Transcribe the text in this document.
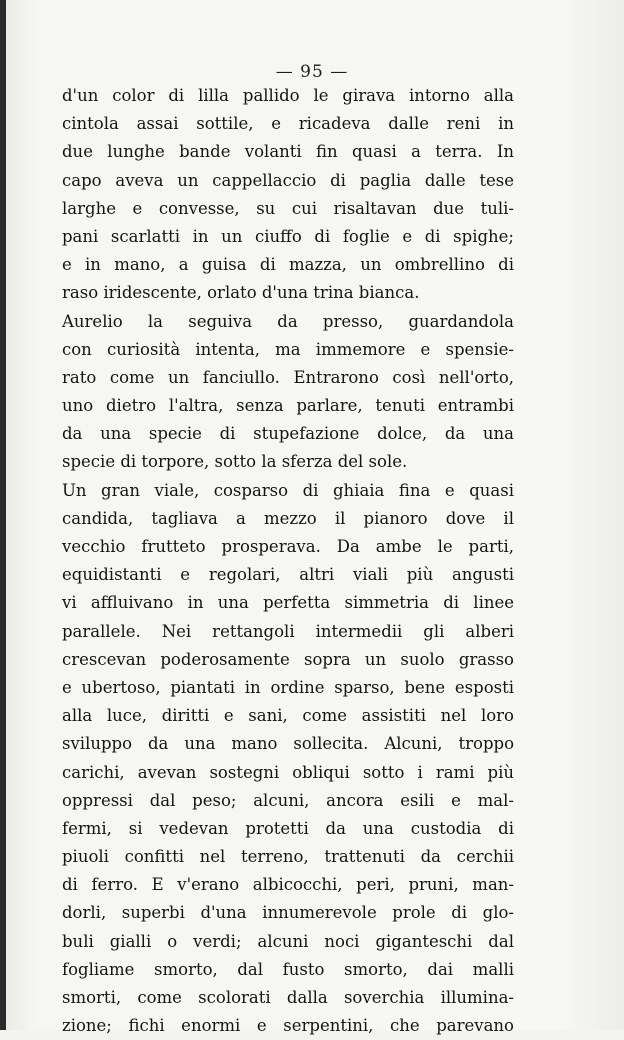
— 95 —
d'un color di lilla pallido le girava intorno alla
cintola assai sottile, e ricadeva dalle reni in
due lunghe bande volanti fin quasi a terra. In
capo aveva un cappellaccio di paglia dalle tese
larghe e convesse, su cui risaltavan due tuli-
pani scarlatti in un ciuffo di foglie e di spighe;
e in mano, a guisa di mazza, un ombrellino di
raso iridescente, orlato d'una trina bianca.
Aurelio la seguiva da presso, guardandola
con curiosità intenta, ma immemore e spensie-
rato come un fanciullo. Entrarono così nell'orto,
uno dietro l'altra, senza parlare, tenuti entrambi
da una specie di stupefazione dolce, da una
specie di torpore, sotto la sferza del sole.
Un gran viale, cosparso di ghiaia fina e quasi
candida, tagliava a mezzo il pianoro dove il
vecchio frutteto prosperava. Da ambe le parti,
equidistanti e regolari, altri viali più angusti
vi affluivano in una perfetta simmetria di linee
parallele. Nei rettangoli intermedii gli alberi
crescevan poderosamente sopra un suolo grasso
e ubertoso, piantati in ordine sparso, bene esposti
alla luce, diritti e sani, come assistiti nel loro
sviluppo da una mano sollecita. Alcuni, troppo
carichi, avevan sostegni obliqui sotto i rami più
oppressi dal peso; alcuni, ancora esili e mal-
fermi, si vedevan protetti da una custodia di
piuoli confitti nel terreno, trattenuti da cerchii
di ferro. E v'erano albicocchi, peri, pruni, man-
dorli, superbi d'una innumerevole prole di glo-
buli gialli o verdi; alcuni noci giganteschi dal
fogliame smorto, dal fusto smorto, dai malli
smorti, come scolorati dalla soverchia illumina-
zione; fichi enormi e serpentini, che parevano
